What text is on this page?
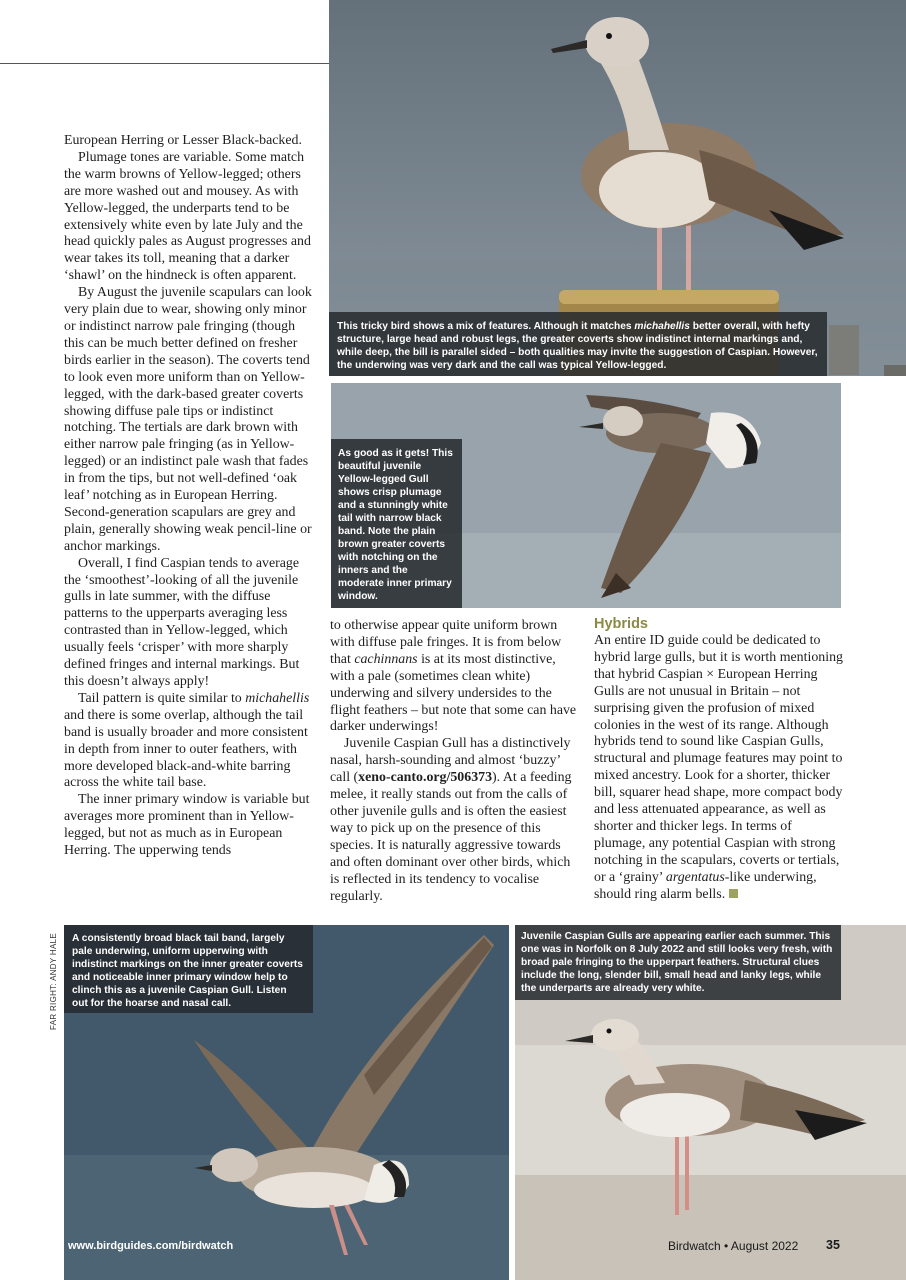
This tricky bird shows a mix of features. Although it matches michahellis better overall, with hefty structure, large head and robust legs, the greater coverts show indistinct internal markings and, while deep, the bill is parallel sided – both qualities may invite the suggestion of Caspian. However, the underwing was very dark and the call was typical Yellow-legged.
As good as it gets! This beautiful juvenile Yellow-legged Gull shows crisp plumage and a stunningly white tail with narrow black band. Note the plain brown greater coverts with notching on the inners and the moderate inner primary window.
A consistently broad black tail band, largely pale underwing, uniform upperwing with indistinct markings on the inner greater coverts and noticeable inner primary window help to clinch this as a juvenile Caspian Gull. Listen out for the hoarse and nasal call.
Juvenile Caspian Gulls are appearing earlier each summer. This one was in Norfolk on 8 July 2022 and still looks very fresh, with broad pale fringing to the upperpart feathers. Structural clues include the long, slender bill, small head and lanky legs, while the underparts are already very white.

European Herring or Lesser Black-backed.

Plumage tones are variable. Some match the warm browns of Yellow-legged; others are more washed out and mousey. As with Yellow-legged, the underparts tend to be extensively white even by late July and the head quickly pales as August progresses and wear takes its toll, meaning that a darker ‘shawl’ on the hindneck is often apparent.

By August the juvenile scapulars can look very plain due to wear, showing only minor or indistinct narrow pale fringing (though this can be much better defined on fresher birds earlier in the season). The coverts tend to look even more uniform than on Yellow-legged, with the dark-based greater coverts showing diffuse pale tips or indistinct notching. The tertials are dark brown with either narrow pale fringing (as in Yellow-legged) or an indistinct pale wash that fades in from the tips, but not well-defined ‘oak leaf’ notching as in European Herring. Second-generation scapulars are grey and plain, generally showing weak pencil-line or anchor markings.

Overall, I find Caspian tends to average the ‘smoothest’-looking of all the juvenile gulls in late summer, with the diffuse patterns to the upperparts averaging less contrasted than in Yellow-legged, which usually feels ‘crisper’ with more sharply defined fringes and internal markings. But this doesn’t always apply!

Tail pattern is quite similar to michahellis and there is some overlap, although the tail band is usually broader and more consistent in depth from inner to outer feathers, with more developed black-and-white barring across the white tail base.

The inner primary window is variable but averages more prominent than in Yellow-legged, but not as much as in European Herring. The upperwing tends

to otherwise appear quite uniform brown with diffuse pale fringes. It is from below that cachinnans is at its most distinctive, with a pale (sometimes clean white) underwing and silvery undersides to the flight feathers – but note that some can have darker underwings!

Juvenile Caspian Gull has a distinctively nasal, harsh-sounding and almost ‘buzzy’ call (xeno-canto.org/506373). At a feeding melee, it really stands out from the calls of other juvenile gulls and is often the easiest way to pick up on the presence of this species. It is naturally aggressive towards and often dominant over other birds, which is reflected in its tendency to vocalise regularly.

Hybrids

An entire ID guide could be dedicated to hybrid large gulls, but it is worth mentioning that hybrid Caspian × European Herring Gulls are not unusual in Britain – not surprising given the profusion of mixed colonies in the west of its range. Although hybrids tend to sound like Caspian Gulls, structural and plumage features may point to mixed ancestry. Look for a shorter, thicker bill, squarer head shape, more compact body and less attenuated appearance, as well as shorter and thicker legs. In terms of plumage, any potential Caspian with strong notching in the scapulars, coverts or tertials, or a ‘grainy’ argentatus-like underwing, should ring alarm bells.

FAR RIGHT: ANDY HALE
www.birdguides.com/birdwatch	Birdwatch • August 2022 35
